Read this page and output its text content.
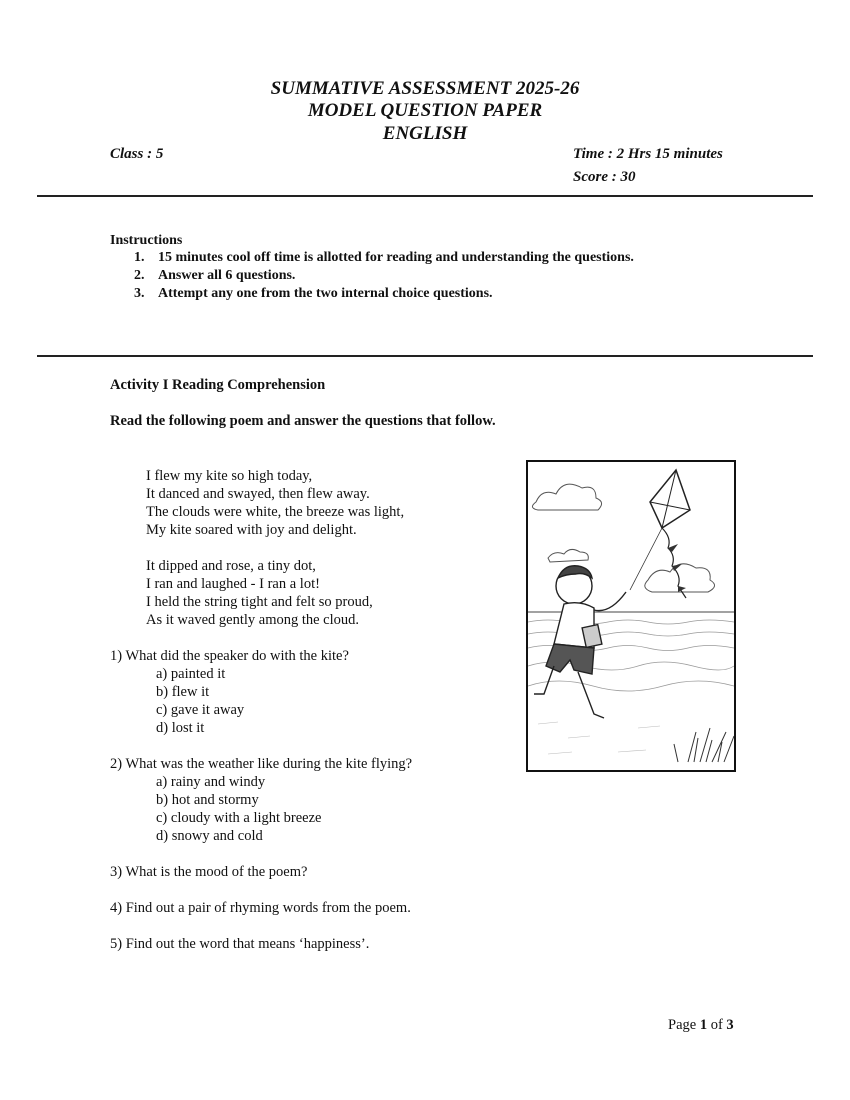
SUMMATIVE ASSESSMENT 2025-26
MODEL QUESTION PAPER
ENGLISH
Class : 5	Time : 2 Hrs 15 minutes
Score : 30
Instructions
1. 15 minutes cool off time is allotted for reading and understanding the questions.
2. Answer all 6 questions.
3. Attempt any one from the two internal choice questions.
Activity I Reading Comprehension
Read the following poem and answer the questions that follow.
I flew my kite so high today,
It danced and swayed, then flew away.
The clouds were white, the breeze was light,
My kite soared with joy and delight.
It dipped and rose, a tiny dot,
I ran and laughed - I ran a lot!
I held the string tight and felt so proud,
As it waved gently among the cloud.
1) What did the speaker do with the kite?
a) painted it
b) flew it
c) gave it away
d) lost it
2) What was the weather like during the kite flying?
a) rainy and windy
b) hot and stormy
c) cloudy with a light breeze
d) snowy and cold
3) What is the mood of the poem?
4) Find out a pair of rhyming words from the poem.
5) Find out the word that means ‘happiness’.
Page 1 of 3
